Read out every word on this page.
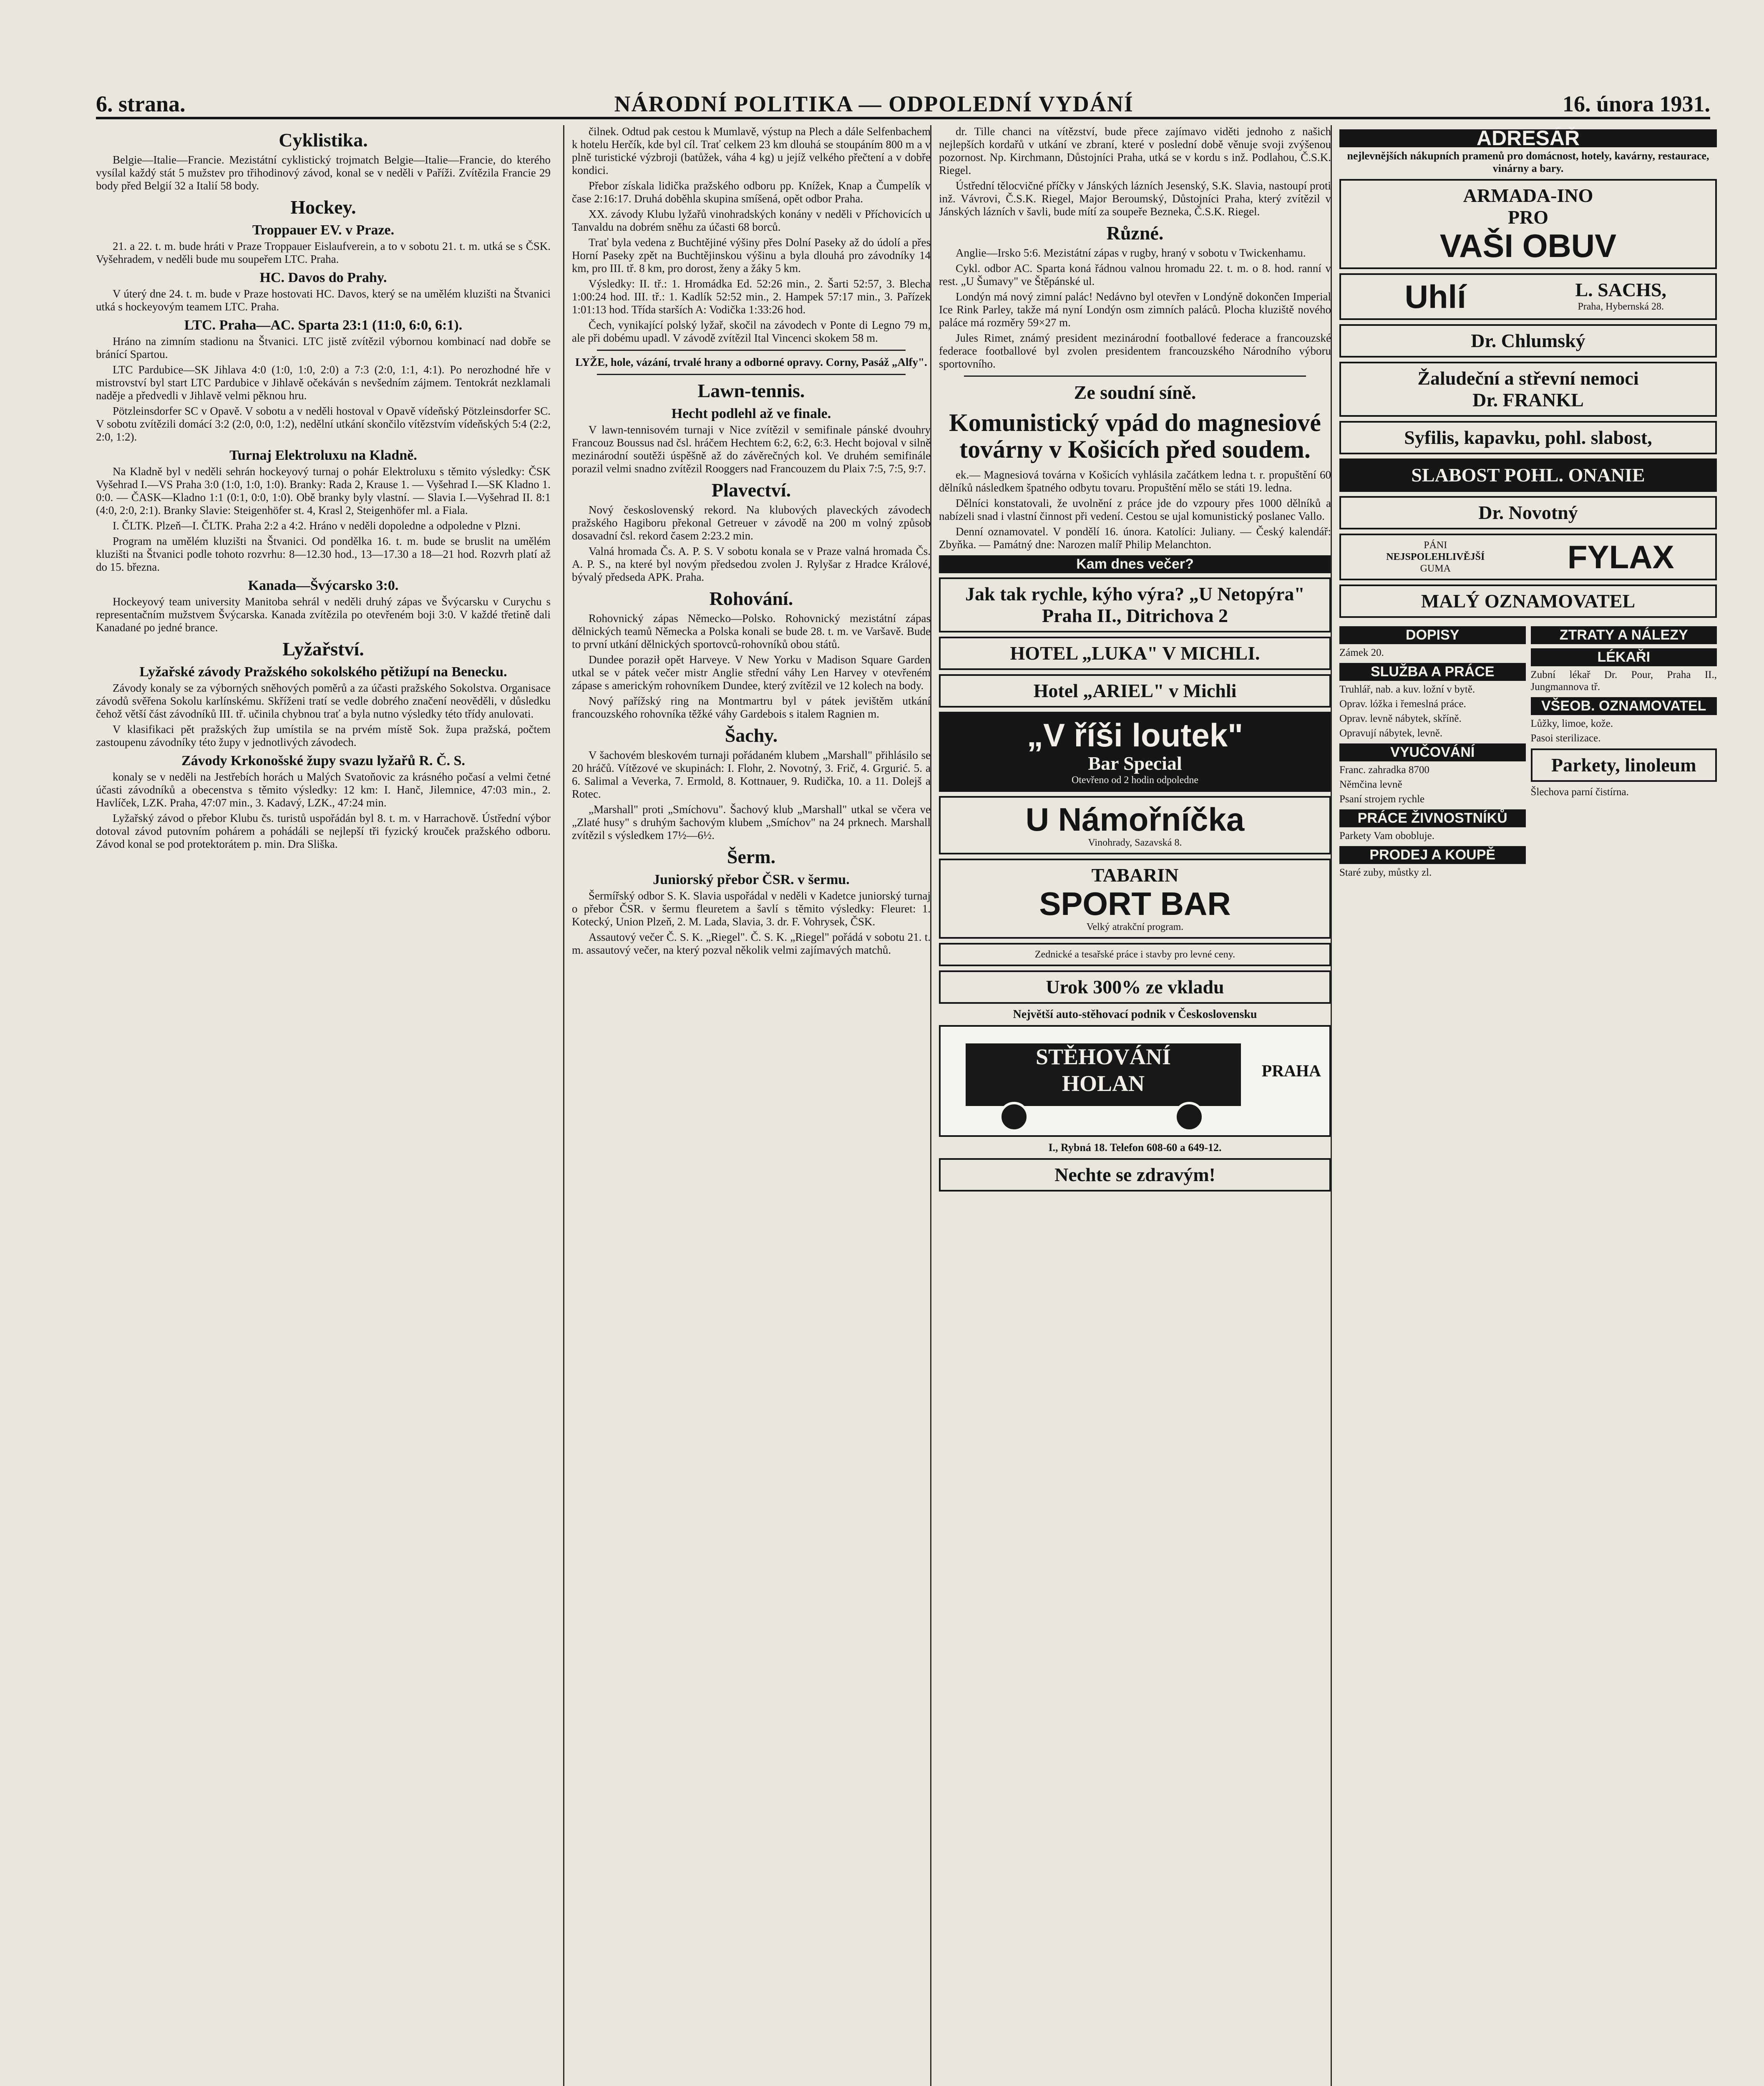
6. strana.	NÁRODNÍ POLITIKA — ODPOLEDNÍ VYDÁNÍ	16. února 1931.
Cyklistika.

Belgie—Italie—Francie. Mezistátní cyklistický trojmatch Belgie—Italie—Francie, do kterého vysílal každý stát 5 mužstev pro třihodinový závod, konal se v neděli v Paříži. Zvítězila Francie 29 body před Belgií 32 a Italií 58 body.

Hockey.
Troppauer EV. v Praze.

21. a 22. t. m. bude hráti v Praze Troppauer Eislaufverein, a to v sobotu 21. t. m. utká se s ČSK. Vyšehradem, v neděli bude mu soupeřem LTC. Praha.

HC. Davos do Prahy.

V úterý dne 24. t. m. bude v Praze hostovati HC. Davos, který se na umělém kluzišti na Štvanici utká s hockeyovým teamem LTC. Praha.

LTC. Praha—AC. Sparta 23:1 (11:0, 6:0, 6:1).

Hráno na zimním stadionu na Štvanici. LTC jistě zvítězil výbornou kombinací nad dobře se bránící Spartou.

LTC Pardubice—SK Jihlava 4:0 (1:0, 1:0, 2:0) a 7:3 (2:0, 1:1, 4:1). Po nerozhodné hře v mistrovství byl start LTC Pardubice v Jihlavě očekáván s nevšedním zájmem. Tentokrát nezklamali naděje a předvedli v Jihlavě velmi pěknou hru.

Pötzleinsdorfer SC v Opavě. V sobotu a v neděli hostoval v Opavě vídeňský Pötzleinsdorfer SC. V sobotu zvítězili domácí 3:2 (2:0, 0:0, 1:2), nedělní utkání skončilo vítězstvím vídeňských 5:4 (2:2, 2:0, 1:2).

Turnaj Elektroluxu na Kladně.

Na Kladně byl v neděli sehrán hockeyový turnaj o pohár Elektroluxu s těmito výsledky: ČSK Vyšehrad I.—VS Praha 3:0 (1:0, 1:0, 1:0). Branky: Rada 2, Krause 1. — Vyšehrad I.—SK Kladno 1. 0:0. — ČASK—Kladno 1:1 (0:1, 0:0, 1:0). Obě branky byly vlastní. — Slavia I.—Vyšehrad II. 8:1 (4:0, 2:0, 2:1). Branky Slavie: Steigenhöfer st. 4, Krasl 2, Steigenhöfer ml. a Fiala.

I. ČLTK. Plzeň—I. ČLTK. Praha 2:2 a 4:2. Hráno v neděli dopoledne a odpoledne v Plzni.

Program na umělém kluzišti na Štvanici. Od pondělka 16. t. m. bude se bruslit na umělém kluzišti na Štvanici podle tohoto rozvrhu: 8—12.30 hod., 13—17.30 a 18—21 hod. Rozvrh platí až do 15. března.

Kanada—Švýcarsko 3:0.

Hockeyový team university Manitoba sehrál v neděli druhý zápas ve Švýcarsku v Curychu s representačním mužstvem Švýcarska. Kanada zvítězila po otevřeném boji 3:0. V každé třetině dali Kanadané po jedné brance.

Lyžařství.
Lyžařské závody Pražského sokolského pětižupí na Benecku.

Závody konaly se za výborných sněhových poměrů a za účasti pražského Sokolstva. Organisace závodů svěřena Sokolu karlínskému. Skříženi tratí se vedle dobrého značení neověděli, v důsledku čehož větší část závodníků III. tř. učinila chybnou trať a byla nutno výsledky této třídy anulovati.

V klasifikaci pět pražských žup umístila se na prvém místě Sok. župa pražská, počtem zastoupenu závodníky této župy v jednotlivých závodech.

Závody Krkonošské župy svazu lyžařů R. Č. S.

konaly se v neděli na Jestřebích horách u Malých Svatoňovic za krásného počasí a velmi četné účasti závodníků a obecenstva s těmito výsledky: 12 km: I. Hanč, Jilemnice, 47:03 min., 2. Havlíček, LZK. Praha, 47:07 min., 3. Kadavý, LZK., 47:24 min.

Lyžařský závod o přebor Klubu čs. turistů uspořádán byl 8. t. m. v Harrachově. Ústřední výbor dotoval závod putovním pohárem a pohádáli se nejlepší tři fyzický krouček pražského odboru. Závod konal se pod protektorátem p. min. Dra Sliška.

čilnek. Odtud pak cestou k Mumlavě, výstup na Plech a dále Selfenbachem k hotelu Herčík, kde byl cíl. Trať celkem 23 km dlouhá se stoupáním 800 m a v plně turistické výzbroji (batůžek, váha 4 kg) u jejíž velkého přečtení a v dobře kondici.

Přebor získala lidička pražského odboru pp. Knížek, Knap a Čumpelík v čase 2:16:17. Druhá doběhla skupina smíšená, opět odbor Praha.

XX. závody Klubu lyžařů vinohradských konány v neděli v Příchovicích u Tanvaldu na dobrém sněhu za účasti 68 borců.

Trať byla vedena z Buchtějiné výšiny přes Dolní Paseky až do údolí a přes Horní Paseky zpět na Buchtějinskou výšinu a byla dlouhá pro závodníky 14 km, pro III. tř. 8 km, pro dorost, ženy a žáky 5 km.

Výsledky: II. tř.: 1. Hromádka Ed. 52:26 min., 2. Šarti 52:57, 3. Blecha 1:00:24 hod. III. tř.: 1. Kadlík 52:52 min., 2. Hampek 57:17 min., 3. Pařízek 1:01:13 hod. Třída starších A: Vodička 1:33:26 hod.

Čech, vynikající polský lyžař, skočil na závodech v Ponte di Legno 79 m, ale při dobému upadl. V závodě zvítězil Ital Vincenci skokem 58 m.

LYŽE, hole, vázání, trvalé hrany a odborné opravy. Corny, Pasáž „Alfy".

Lawn-tennis.
Hecht podlehl až ve finale.

V lawn-tennisovém turnaji v Nice zvítězil v semifinale pánské dvouhry Francouz Boussus nad čsl. hráčem Hechtem 6:2, 6:2, 6:3. Hecht bojoval v silně mezinárodní soutěži úspěšně až do závěrečných kol. Ve druhém semifinále porazil velmi snadno zvítězil Rooggers nad Francouzem du Plaix 7:5, 7:5, 9:7.

Plavectví.

Nový československý rekord. Na klubových plaveckých závodech pražského Hagiboru překonal Getreuer v závodě na 200 m volný způsob dosavadní čsl. rekord časem 2:23.2 min.

Valná hromada Čs. A. P. S. V sobotu konala se v Praze valná hromada Čs. A. P. S., na které byl novým předsedou zvolen J. Rylyšar z Hradce Králové, bývalý předseda APK. Praha.

Rohování.

Rohovnický zápas Německo—Polsko. Rohovnický mezistátní zápas dělnických teamů Německa a Polska konali se bude 28. t. m. ve Varšavě. Bude to první utkání dělnických sportovců-rohovníků obou států.

Dundee poraził opět Harveye. V New Yorku v Madison Square Garden utkal se v pátek večer mistr Anglie střední váhy Len Harvey v otevřeném zápase s americkým rohovníkem Dundee, který zvítězil ve 12 kolech na body.

Nový pařížský ring na Montmartru byl v pátek jevištěm utkání francouzského rohovníka těžké váhy Gardebois s italem Ragnien m.

Šachy.

V šachovém bleskovém turnaji pořádaném klubem „Marshall" přihlásilo se 20 hráčů. Vítězové ve skupinách: I. Flohr, 2. Novotný, 3. Frič, 4. Grgurić. 5. a 6. Salimal a Veverka, 7. Ermold, 8. Kottnauer, 9. Rudička, 10. a 11. Dolejš a Rotec.

„Marshall" proti „Smíchovu". Šachový klub „Marshall" utkal se včera ve „Zlaté husy" s druhým šachovým klubem „Smíchov" na 24 prknech. Marshall zvítězil s výsledkem 17½—6½.

Šerm.
Juniorský přebor ČSR. v šermu.

Šermířský odbor S. K. Slavia uspořádal v neděli v Kadetce juniorský turnaj o přebor ČSR. v šermu fleuretem a šavlí s těmito výsledky: Fleuret: 1. Kotecký, Union Plzeň, 2. M. Lada, Slavia, 3. dr. F. Vohrysek, ČSK.

Assautový večer Č. S. K. „Riegel". Č. S. K. „Riegel" pořádá v sobotu 21. t. m. assautový večer, na který pozval několik velmi zajímavých matchů.

dr. Tille chanci na vítězství, bude přece zajímavo viděti jednoho z našich nejlepších kordařů v utkání ve zbraní, které v poslední době věnuje svoji zvýšenou pozornost. Np. Kirchmann, Důstojníci Praha, utká se v kordu s inž. Podlahou, Č.S.K. Riegel.

Ústřední tělocvičné příčky v Jánských lázních Jesenský, S.K. Slavia, nastoupí proti inž. Vávrovi, Č.S.K. Riegel, Major Beroumský, Důstojníci Praha, který zvítězil v Jánských lázních v šavli, bude mítí za soupeře Bezneka, Č.S.K. Riegel.

Různé.

Anglie—Irsko 5:6. Mezistátní zápas v rugby, hraný v sobotu v Twickenhamu.

Cykl. odbor AC. Sparta koná řádnou valnou hromadu 22. t. m. o 8. hod. ranní v rest. „U Šumavy" ve Štěpánské ul.

Londýn má nový zimní palác! Nedávno byl otevřen v Londýně dokončen Imperial Ice Rink Parley, takže má nyní Londýn osm zimních paláců. Plocha kluziště nového paláce má rozměry 59×27 m.

Jules Rimet, známý president mezinárodní footballové federace a francouzské federace footballové byl zvolen presidentem francouzského Národního výboru sportovního.

Ze soudní síně.
Komunistický vpád do magnesiové továrny v Košicích před soudem.

ek.— Magnesiová továrna v Košicích vyhlásila začátkem ledna t. r. propuštění 60 dělníků následkem špatného odbytu tovaru. Propuštění mělo se státi 19. ledna.

Dělníci konstatovali, že uvolnění z práce jde do vzpoury přes 1000 dělníků a nabízeli snad i vlastní činnost při vedení. Cestou se ujal komunistický poslanec Vallo.

Denní oznamovatel. V pondělí 16. února. Katolíci: Juliany. — Český kalendář: Zbyňka. — Památný dne: Narozen malíř Philip Melanchton.

Kam dnes večer?
Jak tak rychle, kýho výra? „U Netopýra" Praha II., Ditrichova 2
HOTEL „LUKA" V MICHLI.
Hotel „ARIEL" v Michli
„V říši loutek"
Bar Special
Otevřeno od 2 hodin odpoledne
U Námořníčka
Vinohrady, Sazavská 8.
TABARIN
SPORT BAR
Velký atrakční program.
Zednické a tesařské práce i stavby pro levné ceny.
Urok 300% ze vkladu
Největší auto-stěhovací podnik v Československu
STĚHOVÁNÍ
HOLAN
PRAHA
I., Rybná 18. Telefon 608-60 a 649-12.
Nechte se zdravým!
ADRESÁŘ
nejlevnějších nákupních pramenů pro domácnost, hotely, kavárny, restaurace, vinárny a bary.
ARMADA-INO
PRO
VAŠI OBUV
Uhlí	L. SACHS,
Praha, Hybernská 28.
Dr. Chlumský
Žaludeční a střevní nemoci
Dr. FRANKL
Syfilis, kapavku, pohl. slabost,
SLABOST POHL. ONANIE
Dr. Novotný
PÁNI
NEJSPOLEHLIVĚJŠÍ
GUMA	FYLAX
MALÝ OZNAMOVATEL
DOPISY
Zámek 20.
SLUŽBA A PRÁCE
Truhlář, nab. a kuv. ložní v bytě.
Oprav. lóžka i řemeslná práce.
Oprav. levně nábytek, skříně.
Opravují nábytek, levně.
VYUČOVÁNÍ
Franc. zahradka 8700
Němčina levně
Psaní strojem rychle
PRÁCE ŽIVNOSTNÍKŮ
Parkety Vam obobluje.
PRODEJ A KOUPĚ
Staré zuby, můstky zl.
ZTRATY A NÁLEZY
LÉKAŘI
Zubní lékař Dr. Pour, Praha II., Jungmannova tř.
VŠEOB. OZNAMOVATEL
Lůžky, limoe, kože.
Pasoi sterilizace.
Parkety, linoleum
Šlechova parní čistírna.
